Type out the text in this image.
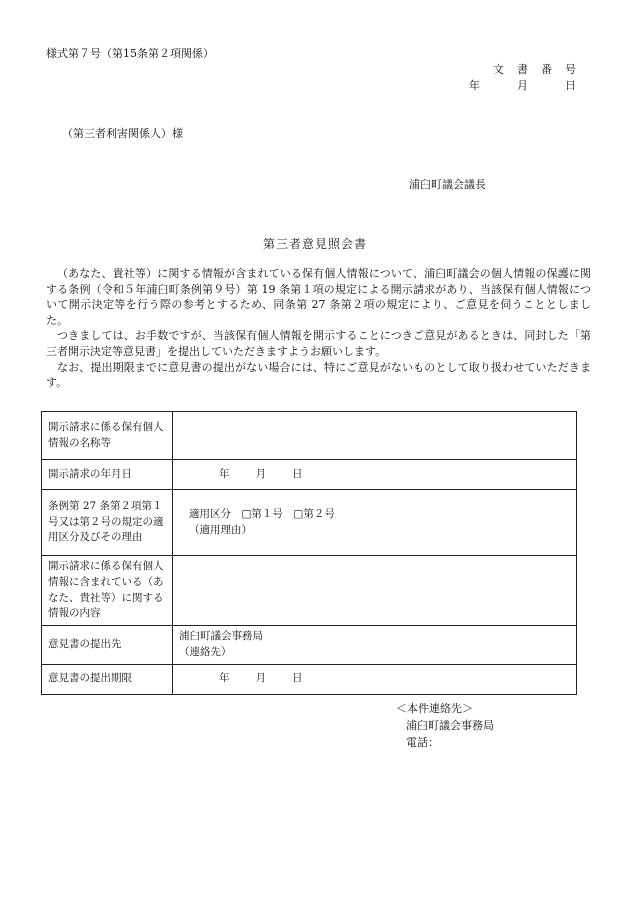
様式第７号（第15条第２項関係）
文書番号
年　月　日
（第三者利害関係人）様
浦臼町議会議長
第三者意見照会書

（あなた、貴社等）に関する情報が含まれている保有個人情報について、浦臼町議会の個人情報の保護に関する条例（令和５年浦臼町条例第９号）第 19 条第１項の規定による開示請求があり、当該保有個人情報について開示決定等を行う際の参考とするため、同条第 27 条第２項の規定により、ご意見を伺うこととしました。

つきましては、お手数ですが、当該保有個人情報を開示することにつきご意見があるときは、同封した「第三者開示決定等意見書」を提出していただきますようお願いします。

なお、提出期限までに意見書の提出がない場合には、特にご意見がないものとして取り扱わせていただきます。

開示請求に係る保有個人情報の名称等	
開示請求の年月日	年 月 日
条例第 27 条第２項第１号又は第２号の規定の適用区分及びその理由	適用区分　□第１号　□第２号
（適用理由）

開示請求に係る保有個人情報に含まれている（あなた、貴社等）に関する情報の内容	
意見書の提出先	浦臼町議会事務局
（連絡先）

意見書の提出期限	年 月 日
＜本件連絡先＞
浦臼町議会事務局
電話：
